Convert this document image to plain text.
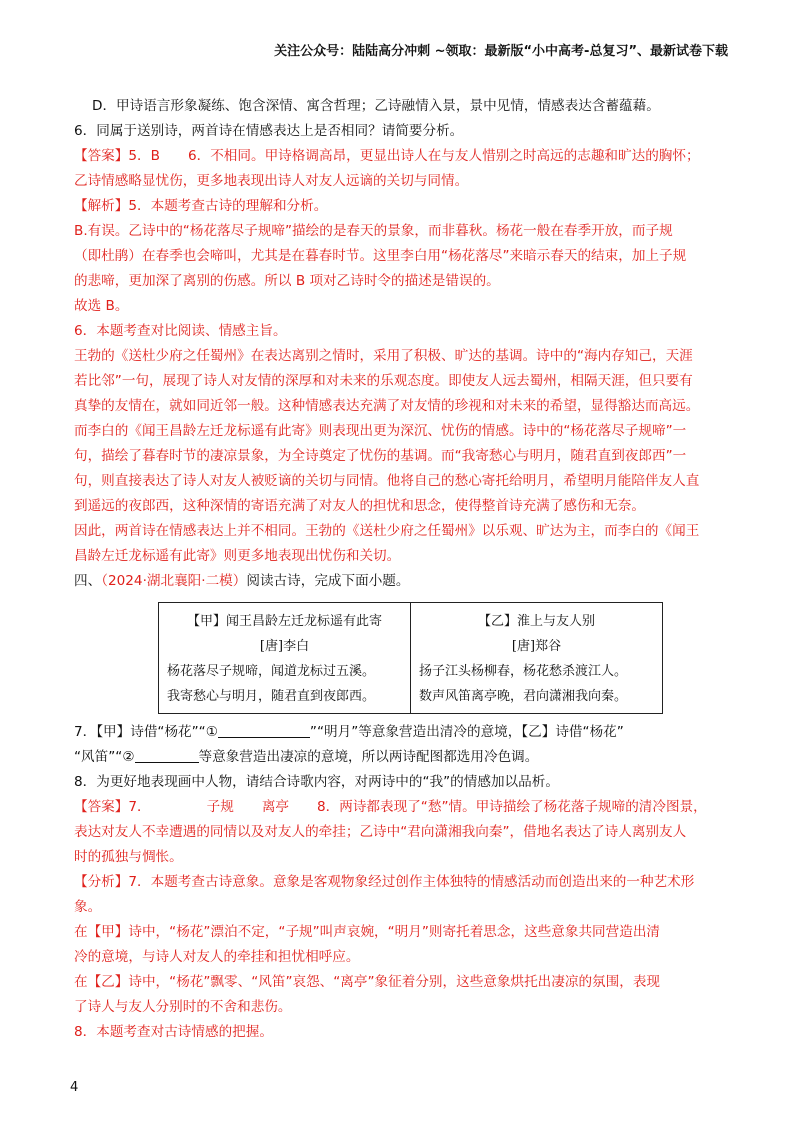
关注公众号：陆陆高分冲刺 ~领取：最新版“小中高考-总复习”、最新试卷下载

D．甲诗语言形象凝练、饱含深情、寓含哲理；乙诗融情入景，景中见情，情感表达含蓄蕴藉。

6．同属于送别诗，两首诗在情感表达上是否相同？请简要分析。

【答案】5．B 6．不相同。甲诗格调高昂，更显出诗人在与友人惜别之时高远的志趣和旷达的胸怀；

乙诗情感略显忧伤，更多地表现出诗人对友人远谪的关切与同情。

【解析】5．本题考查古诗的理解和分析。

B.有误。乙诗中的“杨花落尽子规啼”描绘的是春天的景象，而非暮秋。杨花一般在春季开放，而子规

（即杜鹃）在春季也会啼叫，尤其是在暮春时节。这里李白用“杨花落尽”来暗示春天的结束，加上子规

的悲啼，更加深了离别的伤感。所以 B 项对乙诗时令的描述是错误的。

故选 B。

6．本题考查对比阅读、情感主旨。

王勃的《送杜少府之任蜀州》在表达离别之情时，采用了积极、旷达的基调。诗中的“海内存知己，天涯

若比邻”一句，展现了诗人对友情的深厚和对未来的乐观态度。即使友人远去蜀州，相隔天涯，但只要有

真挚的友情在，就如同近邻一般。这种情感表达充满了对友情的珍视和对未来的希望，显得豁达而高远。

而李白的《闻王昌龄左迁龙标遥有此寄》则表现出更为深沉、忧伤的情感。诗中的“杨花落尽子规啼”一

句，描绘了暮春时节的凄凉景象，为全诗奠定了忧伤的基调。而“我寄愁心与明月，随君直到夜郎西”一

句，则直接表达了诗人对友人被贬谪的关切与同情。他将自己的愁心寄托给明月，希望明月能陪伴友人直

到遥远的夜郎西，这种深情的寄语充满了对友人的担忧和思念，使得整首诗充满了感伤和无奈。

因此，两首诗在情感表达上并不相同。王勃的《送杜少府之任蜀州》以乐观、旷达为主，而李白的《闻王

昌龄左迁龙标遥有此寄》则更多地表现出忧伤和关切。

四、（2024·湖北襄阳·二模）阅读古诗，完成下面小题。

【甲】闻王昌龄左迁龙标遥有此寄
[唐]李白
杨花落尽子规啼，闻道龙标过五溪。
我寄愁心与明月，随君直到夜郎西。

【乙】淮上与友人别
[唐]郑谷
扬子江头杨柳春，杨花愁杀渡江人。
数声风笛离亭晚，君向潇湘我向秦。

7．【甲】诗借“杨花”“①	”“明月”等意象营造出清冷的意境，【乙】诗借“杨花”

“风笛”“②	等意象营造出凄凉的意境，所以两诗配图都选用冷色调。

8．为更好地表现画中人物，请结合诗歌内容，对两诗中的“我”的情感加以品析。

【答案】7．	子规 离亭 8．两诗都表现了“愁”情。甲诗描绘了杨花落子规啼的清冷图景，

表达对友人不幸遭遇的同情以及对友人的牵挂；乙诗中“君向潇湘我向秦”，借地名表达了诗人离别友人

时的孤独与惆怅。

【分析】7．本题考查古诗意象。意象是客观物象经过创作主体独特的情感活动而创造出来的一种艺术形

象。

在【甲】诗中，“杨花”漂泊不定，“子规”叫声哀婉，“明月”则寄托着思念，这些意象共同营造出清

冷的意境，与诗人对友人的牵挂和担忧相呼应。

在【乙】诗中，“杨花”飘零、“风笛”哀怨、“离亭”象征着分别，这些意象烘托出凄凉的氛围，表现

了诗人与友人分别时的不舍和悲伤。

8．本题考查对古诗情感的把握。

4
